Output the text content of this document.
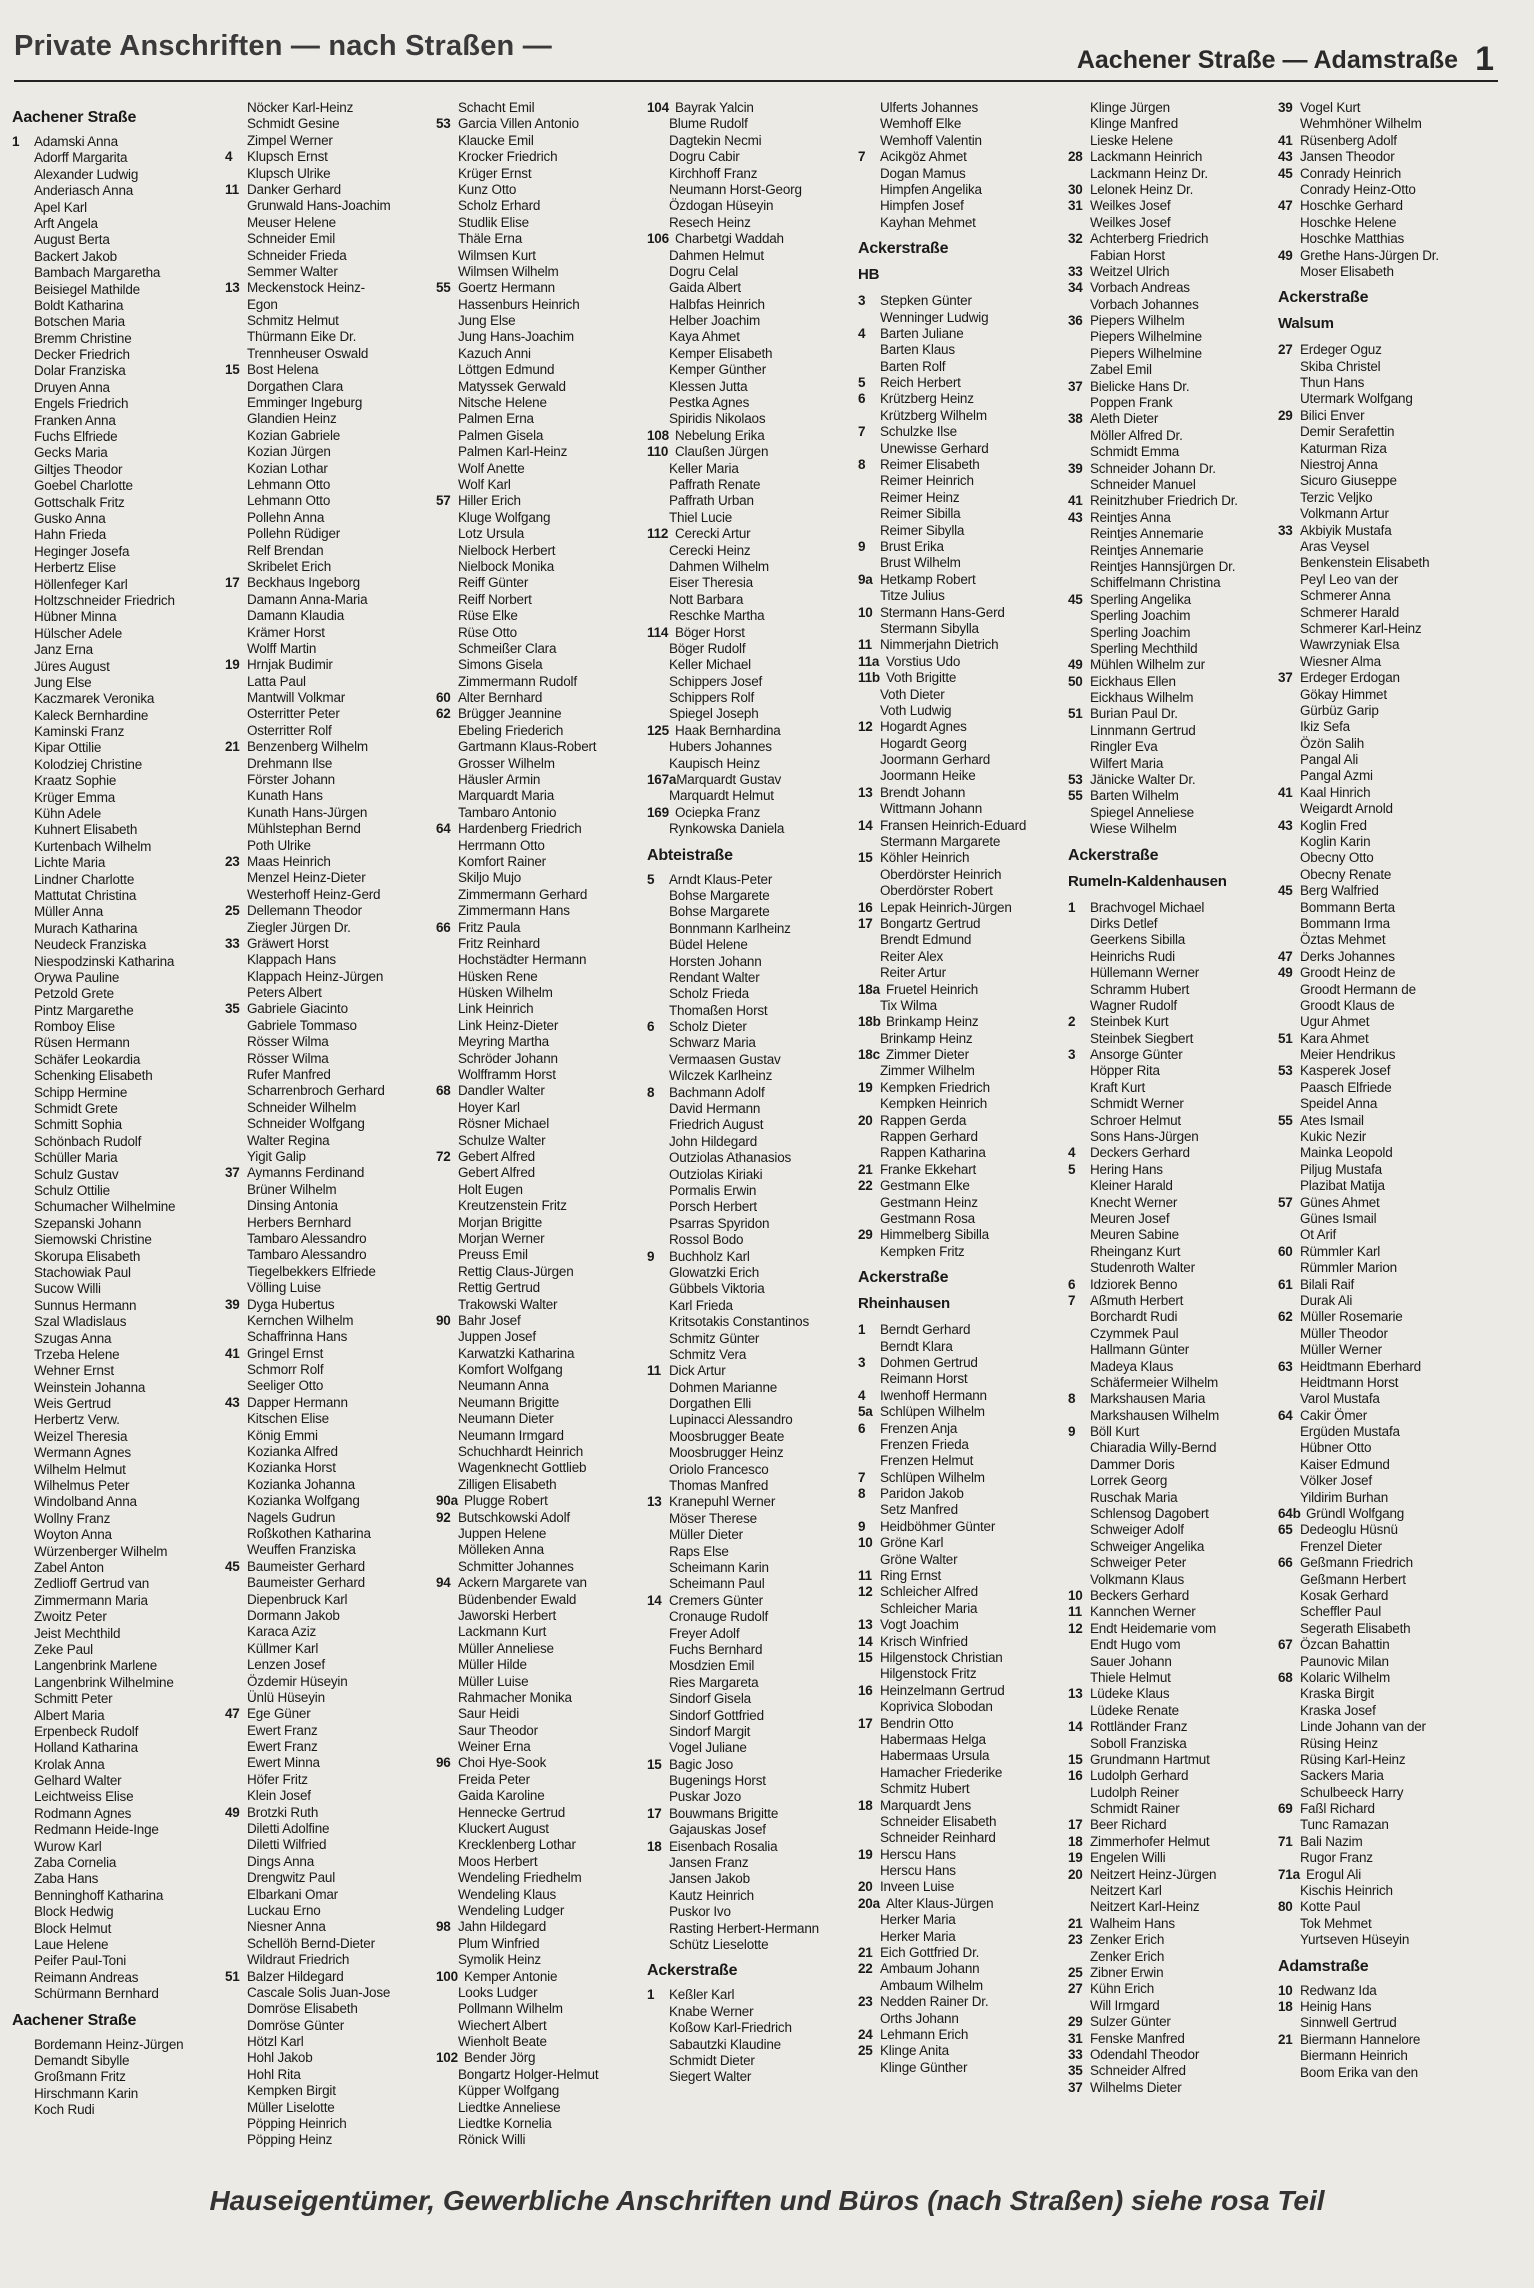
Private Anschriften — nach Straßen —	Aachener Straße — Adamstraße 1
Aachener Straße
1 Adamski Anna
Adorff Margarita
Alexander Ludwig
Anderiasch Anna
Apel Karl
Arft Angela
August Berta
Backert Jakob
Bambach Margaretha
Beisiegel Mathilde
Boldt Katharina
Botschen Maria
Bremm Christine
Decker Friedrich
Dolar Franziska
Druyen Anna
Engels Friedrich
Franken Anna
Fuchs Elfriede
Gecks Maria
Giltjes Theodor
Goebel Charlotte
Gottschalk Fritz
Gusko Anna
Hahn Frieda
Heginger Josefa
Herbertz Elise
Höllenfeger Karl
Holtzschneider Friedrich
Hübner Minna
Hülscher Adele
Janz Erna
Jüres August
Jung Else
Kaczmarek Veronika
Kaleck Bernhardine
Kaminski Franz
Kipar Ottilie
Kolodziej Christine
Kraatz Sophie
Krüger Emma
Kühn Adele
Kuhnert Elisabeth
Kurtenbach Wilhelm
Lichte Maria
Lindner Charlotte
Mattutat Christina
Müller Anna
Murach Katharina
Neudeck Franziska
Niespodzinski Katharina
Orywa Pauline
Petzold Grete
Pintz Margarethe
Romboy Elise
Rüsen Hermann
Schäfer Leokardia
Schenking Elisabeth
Schipp Hermine
Schmidt Grete
Schmitt Sophia
Schönbach Rudolf
Schüller Maria
Schulz Gustav
Schulz Ottilie
Schumacher Wilhelmine
Szepanski Johann
Siemowski Christine
Skorupa Elisabeth
Stachowiak Paul
Sucow Willi
Sunnus Hermann
Szal Wladislaus
Szugas Anna
Trzeba Helene
Wehner Ernst
Weinstein Johanna
Weis Gertrud
Herbertz Verw.
Weizel Theresia
Wermann Agnes
Wilhelm Helmut
Wilhelmus Peter
Windolband Anna
Wollny Franz
Woyton Anna
Würzenberger Wilhelm
Zabel Anton
Zedlioff Gertrud van
Zimmermann Maria
Zwoitz Peter
Jeist Mechthild
Zeke Paul
Langenbrink Marlene
Langenbrink Wilhelmine
Schmitt Peter
Albert Maria
Erpenbeck Rudolf
Holland Katharina
Krolak Anna
Gelhard Walter
Leichtweiss Elise
Rodmann Agnes
Redmann Heide-Inge
Wurow Karl
Zaba Cornelia
Zaba Hans
Benninghoff Katharina
Block Hedwig
Block Helmut
Laue Helene
Peifer Paul-Toni
Reimann Andreas
Schürmann Bernhard
Aachener Straße
Bordemann Heinz-Jürgen
Demandt Sibylle
Großmann Fritz
Hirschmann Karin
Koch Rudi
Nöcker Karl-Heinz
Schmidt Gesine
Zimpel Werner
4 Klupsch Ernst
Klupsch Ulrike
11 Danker Gerhard
Grunwald Hans-Joachim
Meuser Helene
Schneider Emil
Schneider Frieda
Semmer Walter
13 Meckenstock Heinz-
Egon
Schmitz Helmut
Thürmann Eike Dr.
Trennheuser Oswald
15 Bost Helena
Dorgathen Clara
Emminger Ingeburg
Glandien Heinz
Kozian Gabriele
Kozian Jürgen
Kozian Lothar
Lehmann Otto
Lehmann Otto
Pollehn Anna
Pollehn Rüdiger
Relf Brendan
Skribelet Erich
17 Beckhaus Ingeborg
Damann Anna-Maria
Damann Klaudia
Krämer Horst
Wolff Martin
19 Hrnjak Budimir
Latta Paul
Mantwill Volkmar
Osterritter Peter
Osterritter Rolf
21 Benzenberg Wilhelm
Drehmann Ilse
Förster Johann
Kunath Hans
Kunath Hans-Jürgen
Mühlstephan Bernd
Poth Ulrike
23 Maas Heinrich
Menzel Heinz-Dieter
Westerhoff Heinz-Gerd
25 Dellemann Theodor
Ziegler Jürgen Dr.
33 Gräwert Horst
Klappach Hans
Klappach Heinz-Jürgen
Peters Albert
35 Gabriele Giacinto
Gabriele Tommaso
Rösser Wilma
Rösser Wilma
Rufer Manfred
Scharrenbroch Gerhard
Schneider Wilhelm
Schneider Wolfgang
Walter Regina
Yigit Galip
37 Aymanns Ferdinand
Brüner Wilhelm
Dinsing Antonia
Herbers Bernhard
Tambaro Alessandro
Tambaro Alessandro
Tiegelbekkers Elfriede
Völling Luise
39 Dyga Hubertus
Kernchen Wilhelm
Schaffrinna Hans
41 Gringel Ernst
Schmorr Rolf
Seeliger Otto
43 Dapper Hermann
Kitschen Elise
König Emmi
Kozianka Alfred
Kozianka Horst
Kozianka Johanna
Kozianka Wolfgang
Nagels Gudrun
Roßkothen Katharina
Weuffen Franziska
45 Baumeister Gerhard
Baumeister Gerhard
Diepenbruck Karl
Dormann Jakob
Karaca Aziz
Küllmer Karl
Lenzen Josef
Özdemir Hüseyin
Ünlü Hüseyin
47 Ege Güner
Ewert Franz
Ewert Franz
Ewert Minna
Höfer Fritz
Klein Josef
49 Brotzki Ruth
Diletti Adolfine
Diletti Wilfried
Dings Anna
Drengwitz Paul
Elbarkani Omar
Luckau Erno
Niesner Anna
Schellöh Bernd-Dieter
Wildraut Friedrich
51 Balzer Hildegard
Cascale Solis Juan-Jose
Domröse Elisabeth
Domröse Günter
Hötzl Karl
Hohl Jakob
Hohl Rita
Kempken Birgit
Müller Liselotte
Pöpping Heinrich
Pöpping Heinz
Schacht Emil
53 Garcia Villen Antonio
Klaucke Emil
Krocker Friedrich
Krüger Ernst
Kunz Otto
Scholz Erhard
Studlik Elise
Thäle Erna
Wilmsen Kurt
Wilmsen Wilhelm
55 Goertz Hermann
Hassenburs Heinrich
Jung Else
Jung Hans-Joachim
Kazuch Anni
Löttgen Edmund
Matyssek Gerwald
Nitsche Helene
Palmen Erna
Palmen Gisela
Palmen Karl-Heinz
Wolf Anette
Wolf Karl
57 Hiller Erich
Kluge Wolfgang
Lotz Ursula
Nielbock Herbert
Nielbock Monika
Reiff Günter
Reiff Norbert
Rüse Elke
Rüse Otto
Schmeißer Clara
Simons Gisela
Zimmermann Rudolf
60 Alter Bernhard
62 Brügger Jeannine
Ebeling Friederich
Gartmann Klaus-Robert
Grosser Wilhelm
Häusler Armin
Marquardt Maria
Tambaro Antonio
64 Hardenberg Friedrich
Herrmann Otto
Komfort Rainer
Skiljo Mujo
Zimmermann Gerhard
Zimmermann Hans
66 Fritz Paula
Fritz Reinhard
Hochstädter Hermann
Hüsken Rene
Hüsken Wilhelm
Link Heinrich
Link Heinz-Dieter
Meyring Martha
Schröder Johann
Wolfframm Horst
68 Dandler Walter
Hoyer Karl
Rösner Michael
Schulze Walter
72 Gebert Alfred
Gebert Alfred
Holt Eugen
Kreutzenstein Fritz
Morjan Brigitte
Morjan Werner
Preuss Emil
Rettig Claus-Jürgen
Rettig Gertrud
Trakowski Walter
90 Bahr Josef
Juppen Josef
Karwatzki Katharina
Komfort Wolfgang
Neumann Anna
Neumann Brigitte
Neumann Dieter
Neumann Irmgard
Schuchhardt Heinrich
Wagenknecht Gottlieb
Zilligen Elisabeth
90a Plugge Robert
92 Butschkowski Adolf
Juppen Helene
Mölleken Anna
Schmitter Johannes
94 Ackern Margarete van
Büdenbender Ewald
Jaworski Herbert
Lackmann Kurt
Müller Anneliese
Müller Hilde
Müller Luise
Rahmacher Monika
Saur Heidi
Saur Theodor
Weiner Erna
96 Choi Hye-Sook
Freida Peter
Gaida Karoline
Hennecke Gertrud
Kluckert August
Krecklenberg Lothar
Moos Herbert
Wendeling Friedhelm
Wendeling Klaus
Wendeling Ludger
98 Jahn Hildegard
Plum Winfried
Symolik Heinz
100 Kemper Antonie
Looks Ludger
Pollmann Wilhelm
Wiechert Albert
Wienholt Beate
102 Bender Jörg
Bongartz Holger-Helmut
Küpper Wolfgang
Liedtke Anneliese
Liedtke Kornelia
Rönick Willi
104 Bayrak Yalcin
Blume Rudolf
Dagtekin Necmi
Dogru Cabir
Kirchhoff Franz
Neumann Horst-Georg
Özdogan Hüseyin
Resech Heinz
106 Charbetgi Waddah
Dahmen Helmut
Dogru Celal
Gaida Albert
Halbfas Heinrich
Helber Joachim
Kaya Ahmet
Kemper Elisabeth
Kemper Günther
Klessen Jutta
Pestka Agnes
Spiridis Nikolaos
108 Nebelung Erika
110 Claußen Jürgen
Keller Maria
Paffrath Renate
Paffrath Urban
Thiel Lucie
112 Cerecki Artur
Cerecki Heinz
Dahmen Wilhelm
Eiser Theresia
Nott Barbara
Reschke Martha
114 Böger Horst
Böger Rudolf
Keller Michael
Schippers Josef
Schippers Rolf
Spiegel Joseph
125 Haak Bernhardina
Hubers Johannes
Kaupisch Heinz
167aMarquardt Gustav
Marquardt Helmut
169 Ociepka Franz
Rynkowska Daniela
Abteistraße
5 Arndt Klaus-Peter
Bohse Margarete
Bohse Margarete
Bonnmann Karlheinz
Büdel Helene
Horsten Johann
Rendant Walter
Scholz Frieda
Thomaßen Horst
6 Scholz Dieter
Schwarz Maria
Vermaasen Gustav
Wilczek Karlheinz
8 Bachmann Adolf
David Hermann
Friedrich August
John Hildegard
Outziolas Athanasios
Outziolas Kiriaki
Pormalis Erwin
Porsch Herbert
Psarras Spyridon
Rossol Bodo
9 Buchholz Karl
Glowatzki Erich
Gübbels Viktoria
Karl Frieda
Kritsotakis Constantinos
Schmitz Günter
Schmitz Vera
11 Dick Artur
Dohmen Marianne
Dorgathen Elli
Lupinacci Alessandro
Moosbrugger Beate
Moosbrugger Heinz
Oriolo Francesco
Thomas Manfred
13 Kranepuhl Werner
Möser Therese
Müller Dieter
Raps Else
Scheimann Karin
Scheimann Paul
14 Cremers Günter
Cronauge Rudolf
Freyer Adolf
Fuchs Bernhard
Mosdzien Emil
Ries Margareta
Sindorf Gisela
Sindorf Gottfried
Sindorf Margit
Vogel Juliane
15 Bagic Joso
Bugenings Horst
Puskar Jozo
17 Bouwmans Brigitte
Gajauskas Josef
18 Eisenbach Rosalia
Jansen Franz
Jansen Jakob
Kautz Heinrich
Puskor Ivo
Rasting Herbert-Hermann
Schütz Lieselotte
Ackerstraße
1 Keßler Karl
Knabe Werner
Koßow Karl-Friedrich
Sabautzki Klaudine
Schmidt Dieter
Siegert Walter
Ulferts Johannes
Wemhoff Elke
Wemhoff Valentin
7 Acikgöz Ahmet
Dogan Mamus
Himpfen Angelika
Himpfen Josef
Kayhan Mehmet
Ackerstraße
HB
3 Stepken Günter
Wenninger Ludwig
4 Barten Juliane
Barten Klaus
Barten Rolf
5 Reich Herbert
6 Krützberg Heinz
Krützberg Wilhelm
7 Schulzke Ilse
Unewisse Gerhard
8 Reimer Elisabeth
Reimer Heinrich
Reimer Heinz
Reimer Sibilla
Reimer Sibylla
9 Brust Erika
Brust Wilhelm
9a Hetkamp Robert
Titze Julius
10 Stermann Hans-Gerd
Stermann Sibylla
11 Nimmerjahn Dietrich
11a Vorstius Udo
11b Voth Brigitte
Voth Dieter
Voth Ludwig
12 Hogardt Agnes
Hogardt Georg
Joormann Gerhard
Joormann Heike
13 Brendt Johann
Wittmann Johann
14 Fransen Heinrich-Eduard
Stermann Margarete
15 Köhler Heinrich
Oberdörster Heinrich
Oberdörster Robert
16 Lepak Heinrich-Jürgen
17 Bongartz Gertrud
Brendt Edmund
Reiter Alex
Reiter Artur
18a Fruetel Heinrich
Tix Wilma
18b Brinkamp Heinz
Brinkamp Heinz
18c Zimmer Dieter
Zimmer Wilhelm
19 Kempken Friedrich
Kempken Heinrich
20 Rappen Gerda
Rappen Gerhard
Rappen Katharina
21 Franke Ekkehart
22 Gestmann Elke
Gestmann Heinz
Gestmann Rosa
29 Himmelberg Sibilla
Kempken Fritz
Ackerstraße
Rheinhausen
1 Berndt Gerhard
Berndt Klara
3 Dohmen Gertrud
Reimann Horst
4 Iwenhoff Hermann
5a Schlüpen Wilhelm
6 Frenzen Anja
Frenzen Frieda
Frenzen Helmut
7 Schlüpen Wilhelm
8 Paridon Jakob
Setz Manfred
9 Heidböhmer Günter
10 Gröne Karl
Gröne Walter
11 Ring Ernst
12 Schleicher Alfred
Schleicher Maria
13 Vogt Joachim
14 Krisch Winfried
15 Hilgenstock Christian
Hilgenstock Fritz
16 Heinzelmann Gertrud
Koprivica Slobodan
17 Bendrin Otto
Habermaas Helga
Habermaas Ursula
Hamacher Friederike
Schmitz Hubert
18 Marquardt Jens
Schneider Elisabeth
Schneider Reinhard
19 Herscu Hans
Herscu Hans
20 Inveen Luise
20a Alter Klaus-Jürgen
Herker Maria
Herker Maria
21 Eich Gottfried Dr.
22 Ambaum Johann
Ambaum Wilhelm
23 Nedden Rainer Dr.
Orths Johann
24 Lehmann Erich
25 Klinge Anita
Klinge Günther
Klinge Jürgen
Klinge Manfred
Lieske Helene
28 Lackmann Heinrich
Lackmann Heinz Dr.
30 Lelonek Heinz Dr.
31 Weilkes Josef
Weilkes Josef
32 Achterberg Friedrich
Fabian Horst
33 Weitzel Ulrich
34 Vorbach Andreas
Vorbach Johannes
36 Piepers Wilhelm
Piepers Wilhelmine
Piepers Wilhelmine
Zabel Emil
37 Bielicke Hans Dr.
Poppen Frank
38 Aleth Dieter
Möller Alfred Dr.
Schmidt Emma
39 Schneider Johann Dr.
Schneider Manuel
41 Reinitzhuber Friedrich Dr.
43 Reintjes Anna
Reintjes Annemarie
Reintjes Annemarie
Reintjes Hannsjürgen Dr.
Schiffelmann Christina
45 Sperling Angelika
Sperling Joachim
Sperling Joachim
Sperling Mechthild
49 Mühlen Wilhelm zur
50 Eickhaus Ellen
Eickhaus Wilhelm
51 Burian Paul Dr.
Linnmann Gertrud
Ringler Eva
Wilfert Maria
53 Jänicke Walter Dr.
55 Barten Wilhelm
Spiegel Anneliese
Wiese Wilhelm
Ackerstraße
Rumeln-Kaldenhausen
1 Brachvogel Michael
Dirks Detlef
Geerkens Sibilla
Heinrichs Rudi
Hüllemann Werner
Schramm Hubert
Wagner Rudolf
2 Steinbek Kurt
Steinbek Siegbert
3 Ansorge Günter
Höpper Rita
Kraft Kurt
Schmidt Werner
Schroer Helmut
Sons Hans-Jürgen
4 Deckers Gerhard
5 Hering Hans
Kleiner Harald
Knecht Werner
Meuren Josef
Meuren Sabine
Rheinganz Kurt
Studenroth Walter
6 Idziorek Benno
7 Aßmuth Herbert
Borchardt Rudi
Czymmek Paul
Hallmann Günter
Madeya Klaus
Schäfermeier Wilhelm
8 Markshausen Maria
Markshausen Wilhelm
9 Böll Kurt
Chiaradia Willy-Bernd
Dammer Doris
Lorrek Georg
Ruschak Maria
Schlensog Dagobert
Schweiger Adolf
Schweiger Angelika
Schweiger Peter
Volkmann Klaus
10 Beckers Gerhard
11 Kannchen Werner
12 Endt Heidemarie vom
Endt Hugo vom
Sauer Johann
Thiele Helmut
13 Lüdeke Klaus
Lüdeke Renate
14 Rottländer Franz
Soboll Franziska
15 Grundmann Hartmut
16 Ludolph Gerhard
Ludolph Reiner
Schmidt Rainer
17 Beer Richard
18 Zimmerhofer Helmut
19 Engelen Willi
20 Neitzert Heinz-Jürgen
Neitzert Karl
Neitzert Karl-Heinz
21 Walheim Hans
23 Zenker Erich
Zenker Erich
25 Zibner Erwin
27 Kühn Erich
Will Irmgard
29 Sulzer Günter
31 Fenske Manfred
33 Odendahl Theodor
35 Schneider Alfred
37 Wilhelms Dieter
39 Vogel Kurt
Wehmhöner Wilhelm
41 Rüsenberg Adolf
43 Jansen Theodor
45 Conrady Heinrich
Conrady Heinz-Otto
47 Hoschke Gerhard
Hoschke Helene
Hoschke Matthias
49 Grethe Hans-Jürgen Dr.
Moser Elisabeth
Ackerstraße
Walsum
27 Erdeger Oguz
Skiba Christel
Thun Hans
Utermark Wolfgang
29 Bilici Enver
Demir Serafettin
Katurman Riza
Niestroj Anna
Sicuro Giuseppe
Terzic Veljko
Volkmann Artur
33 Akbiyik Mustafa
Aras Veysel
Benkenstein Elisabeth
Peyl Leo van der
Schmerer Anna
Schmerer Harald
Schmerer Karl-Heinz
Wawrzyniak Elsa
Wiesner Alma
37 Erdeger Erdogan
Gökay Himmet
Gürbüz Garip
Ikiz Sefa
Özön Salih
Pangal Ali
Pangal Azmi
41 Kaal Hinrich
Weigardt Arnold
43 Koglin Fred
Koglin Karin
Obecny Otto
Obecny Renate
45 Berg Walfried
Bommann Berta
Bommann Irma
Öztas Mehmet
47 Derks Johannes
49 Groodt Heinz de
Groodt Hermann de
Groodt Klaus de
Ugur Ahmet
51 Kara Ahmet
Meier Hendrikus
53 Kasperek Josef
Paasch Elfriede
Speidel Anna
55 Ates Ismail
Kukic Nezir
Mainka Leopold
Piljug Mustafa
Plazibat Matija
57 Günes Ahmet
Günes Ismail
Ot Arif
60 Rümmler Karl
Rümmler Marion
61 Bilali Raif
Durak Ali
62 Müller Rosemarie
Müller Theodor
Müller Werner
63 Heidtmann Eberhard
Heidtmann Horst
Varol Mustafa
64 Cakir Ömer
Ergüden Mustafa
Hübner Otto
Kaiser Edmund
Völker Josef
Yildirim Burhan
64b Gründl Wolfgang
65 Dedeoglu Hüsnü
Frenzel Dieter
66 Geßmann Friedrich
Geßmann Herbert
Kosak Gerhard
Scheffler Paul
Segerath Elisabeth
67 Özcan Bahattin
Paunovic Milan
68 Kolaric Wilhelm
Kraska Birgit
Kraska Josef
Linde Johann van der
Rüsing Heinz
Rüsing Karl-Heinz
Sackers Maria
Schulbeeck Harry
69 Faßl Richard
Tunc Ramazan
71 Bali Nazim
Rugor Franz
71a Erogul Ali
Kischis Heinrich
80 Kotte Paul
Tok Mehmet
Yurtseven Hüseyin
Adamstraße
10 Redwanz Ida
18 Heinig Hans
Sinnwell Gertrud
21 Biermann Hannelore
Biermann Heinrich
Boom Erika van den
Hauseigentümer, Gewerbliche Anschriften und Büros (nach Straßen) siehe rosa Teil
